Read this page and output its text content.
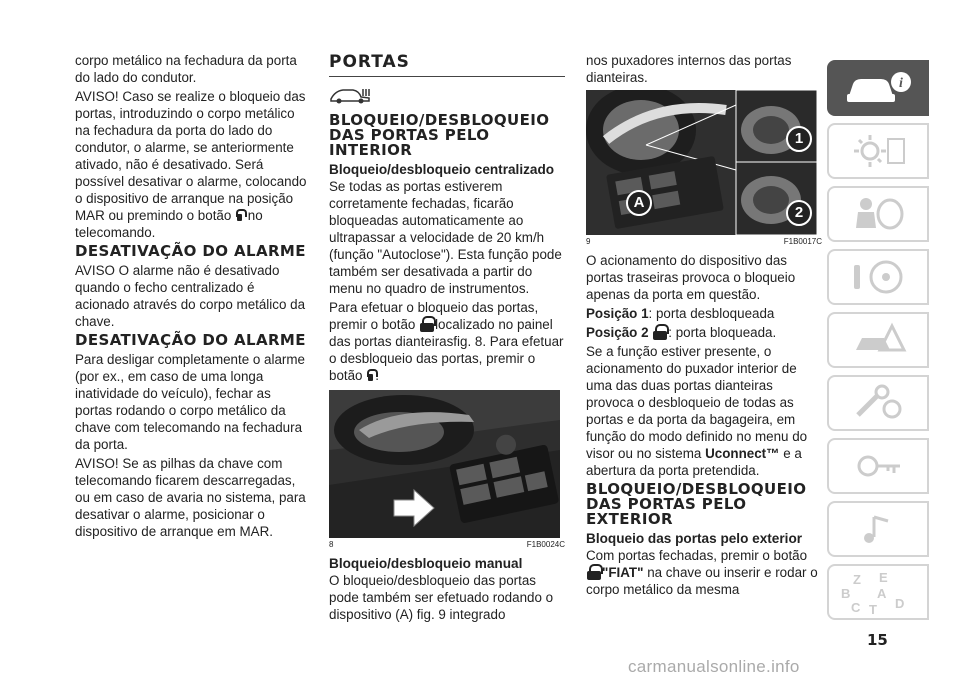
corpo metálico na fechadura da porta do lado do condutor.

AVISO! Caso se realize o bloqueio das portas, introduzindo o corpo metálico na fechadura da porta do lado do condutor, o alarme, se anteriormente ativado, não é desativado. Será possível desativar o alarme, colocando o dispositivo de arranque na posição MAR ou premindo o botão no telecomando.

DESATIVAÇÃO DO ALARME

AVISO O alarme não é desativado quando o fecho centralizado é acionado através do corpo metálico da chave.

DESATIVAÇÃO DO ALARME

Para desligar completamente o alarme (por ex., em caso de uma longa inatividade do veículo), fechar as portas rodando o corpo metálico da chave com telecomando na fechadura da porta.

AVISO! Se as pilhas da chave com telecomando ficarem descarregadas, ou em caso de avaria no sistema, para desativar o alarme, posicionar o dispositivo de arranque em MAR.

PORTAS
BLOQUEIO/DESBLOQUEIO DAS PORTAS PELO INTERIOR
Bloqueio/desbloqueio centralizado

Se todas as portas estiverem corretamente fechadas, ficarão bloqueadas automaticamente ao ultrapassar a velocidade de 20 km/h (função "Autoclose"). Esta função pode também ser desativada a partir do menu no quadro de instrumentos.

Para efetuar o bloqueio das portas, premir o botão localizado no painel das portas dianteirasfig. 8. Para efetuar o desbloqueio das portas, premir o botão .

8	F1B0024C
Bloqueio/desbloqueio manual

O bloqueio/desbloqueio das portas pode também ser efetuado rodando o dispositivo (A) fig. 9 integrado

nos puxadores internos das portas dianteiras.

A
1
2
9	F1B0017C

O acionamento do dispositivo das portas traseiras provoca o bloqueio apenas da porta em questão.

Posição 1: porta desbloqueada

Posição 2 : porta bloqueada.

Se a função estiver presente, o acionamento do puxador interior de uma das duas portas dianteiras provoca o desbloqueio de todas as portas e da porta da bagageira, em função do modo definido no menu do visor ou no sistema Uconnect™ e a abertura da porta pretendida.

BLOQUEIO/DESBLOQUEIO DAS PORTAS PELO EXTERIOR
Bloqueio das portas pelo exterior

Com portas fechadas, premir o botão "FIAT" na chave ou inserir e rodar o corpo metálico da mesma

i
Z E
B A
C T D
15
carmanualsonline.info
